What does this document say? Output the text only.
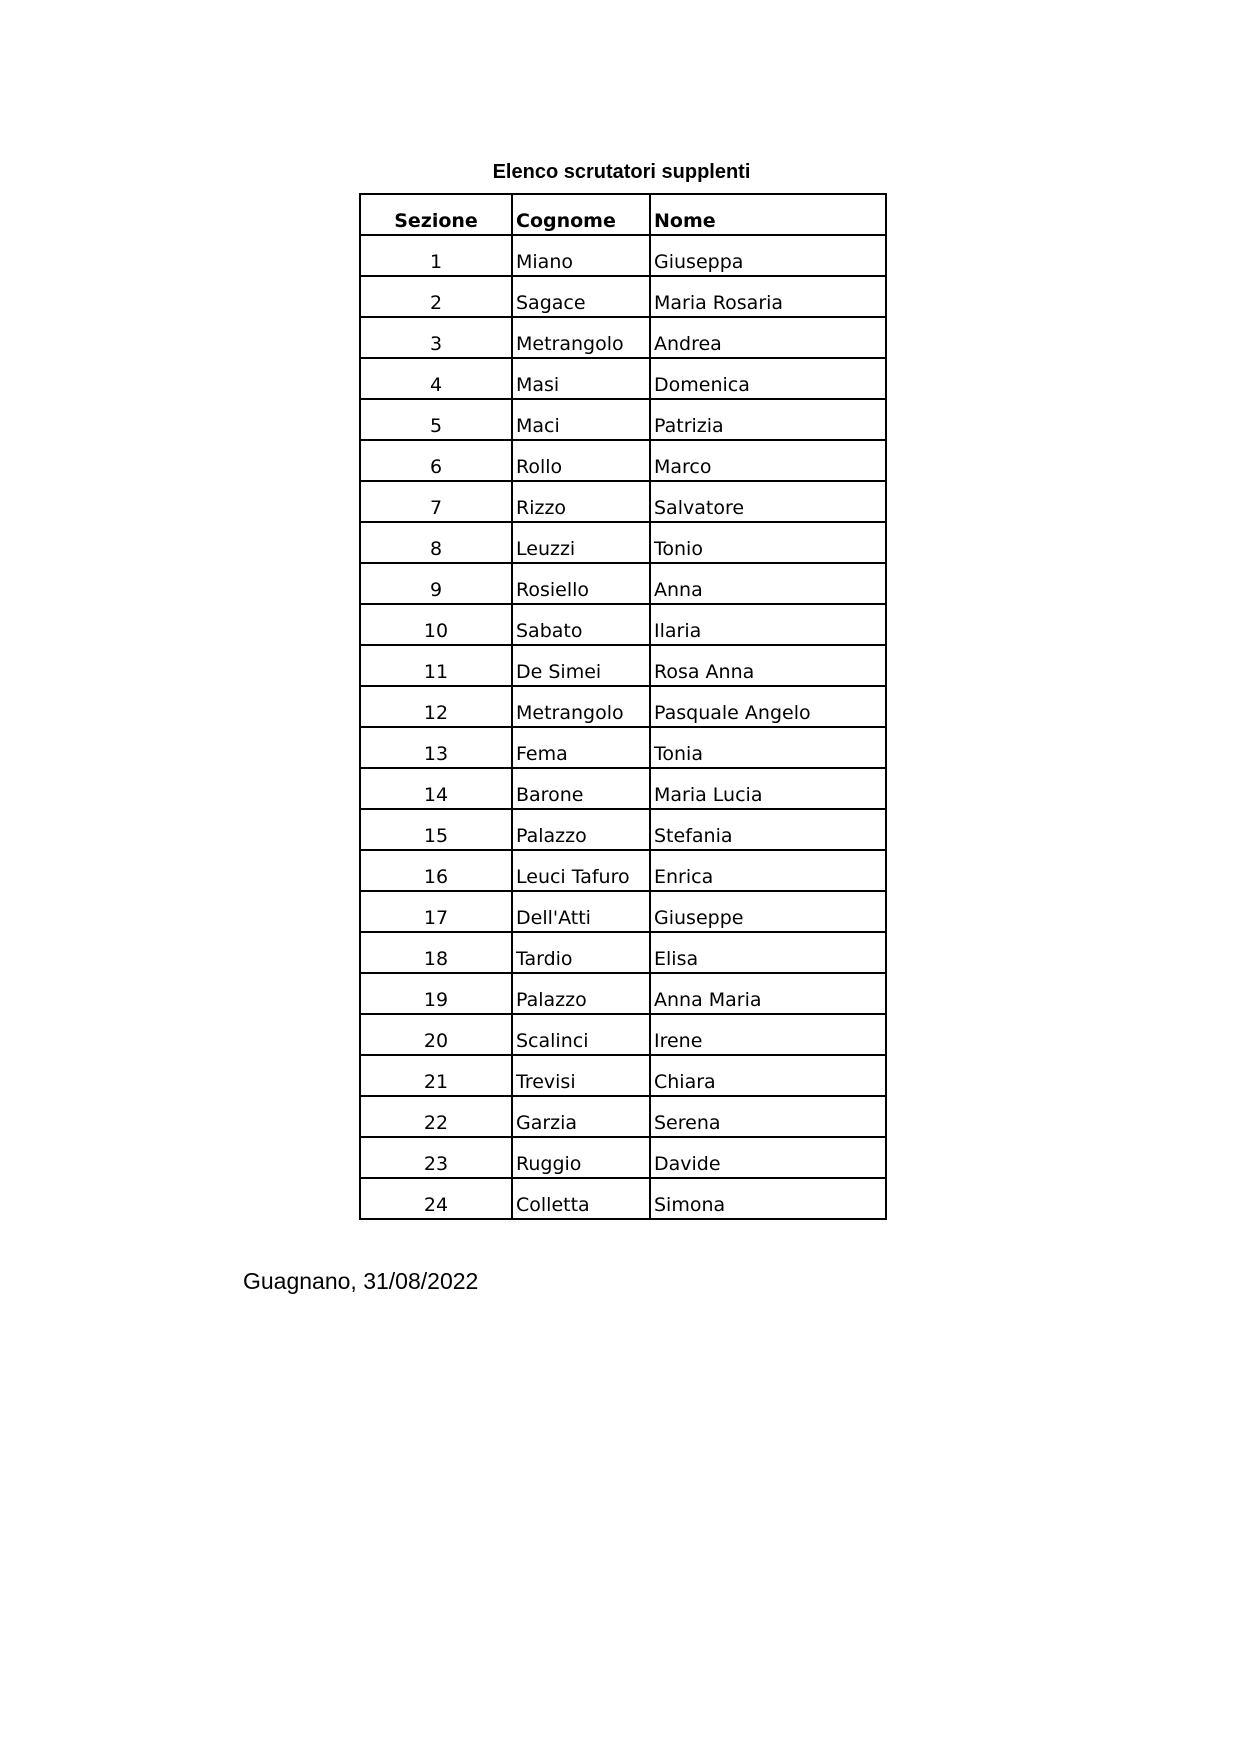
Elenco scrutatori supplenti
Sezione	Cognome	Nome
1	Miano	Giuseppa
2	Sagace	Maria Rosaria
3	Metrangolo	Andrea
4	Masi	Domenica
5	Maci	Patrizia
6	Rollo	Marco
7	Rizzo	Salvatore
8	Leuzzi	Tonio
9	Rosiello	Anna
10	Sabato	Ilaria
11	De Simei	Rosa Anna
12	Metrangolo	Pasquale Angelo
13	Fema	Tonia
14	Barone	Maria Lucia
15	Palazzo	Stefania
16	Leuci Tafuro	Enrica
17	Dell'Atti	Giuseppe
18	Tardio	Elisa
19	Palazzo	Anna Maria
20	Scalinci	Irene
21	Trevisi	Chiara
22	Garzia	Serena
23	Ruggio	Davide
24	Colletta	Simona
Guagnano, 31/08/2022
